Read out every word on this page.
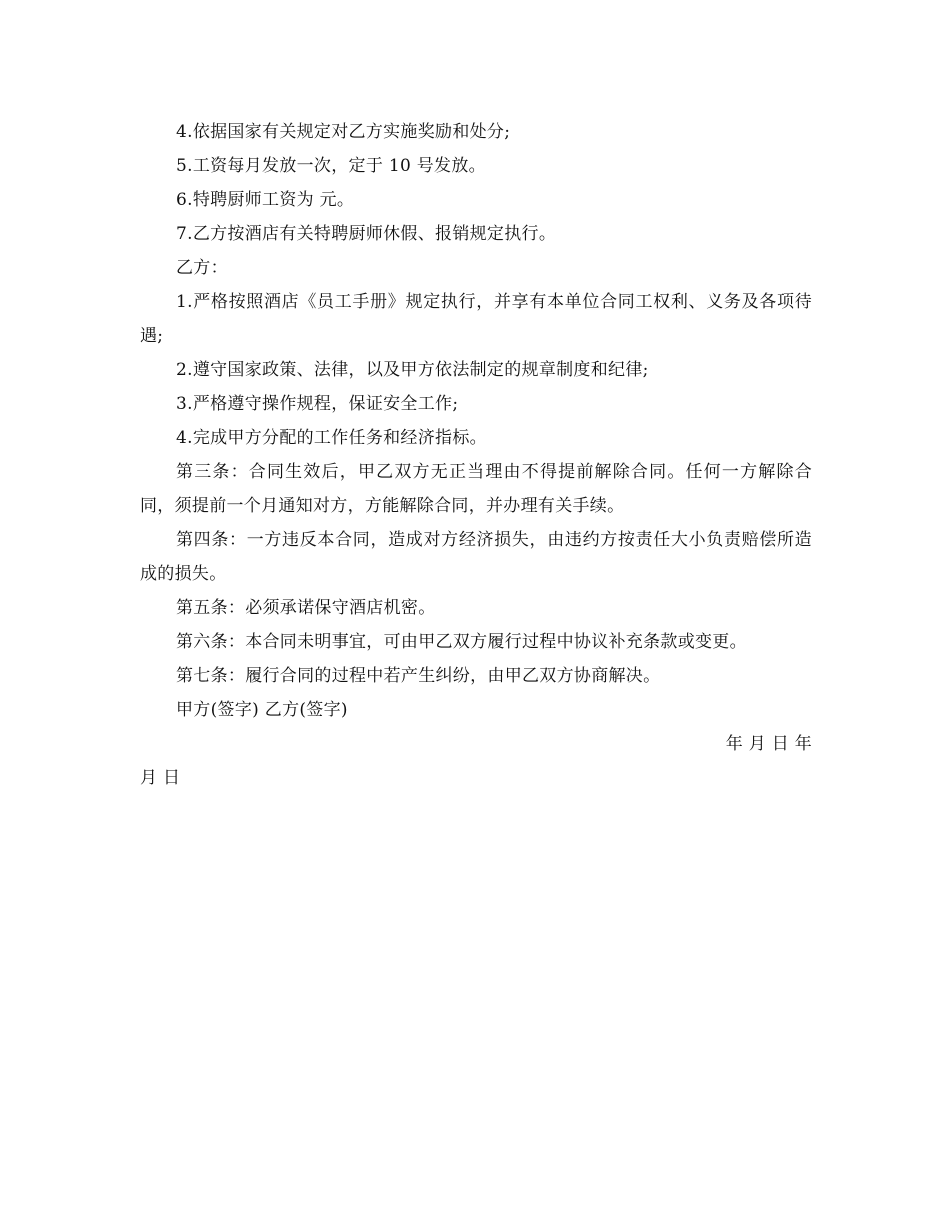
4.依据国家有关规定对乙方实施奖励和处分;

5.工资每月发放一次，定于 10 号发放。

6.特聘厨师工资为 元。

7.乙方按酒店有关特聘厨师休假、报销规定执行。

乙方：

1.严格按照酒店《员工手册》规定执行，并享有本单位合同工权利、义务及各项待遇;

2.遵守国家政策、法律，以及甲方依法制定的规章制度和纪律;

3.严格遵守操作规程，保证安全工作;

4.完成甲方分配的工作任务和经济指标。

第三条：合同生效后，甲乙双方无正当理由不得提前解除合同。任何一方解除合同，须提前一个月通知对方，方能解除合同，并办理有关手续。

第四条：一方违反本合同，造成对方经济损失，由违约方按责任大小负责赔偿所造成的损失。

第五条：必须承诺保守酒店机密。

第六条：本合同未明事宜，可由甲乙双方履行过程中协议补充条款或变更。

第七条：履行合同的过程中若产生纠纷，由甲乙双方协商解决。

甲方(签字) 乙方(签字)

年 月 日 年

月 日
